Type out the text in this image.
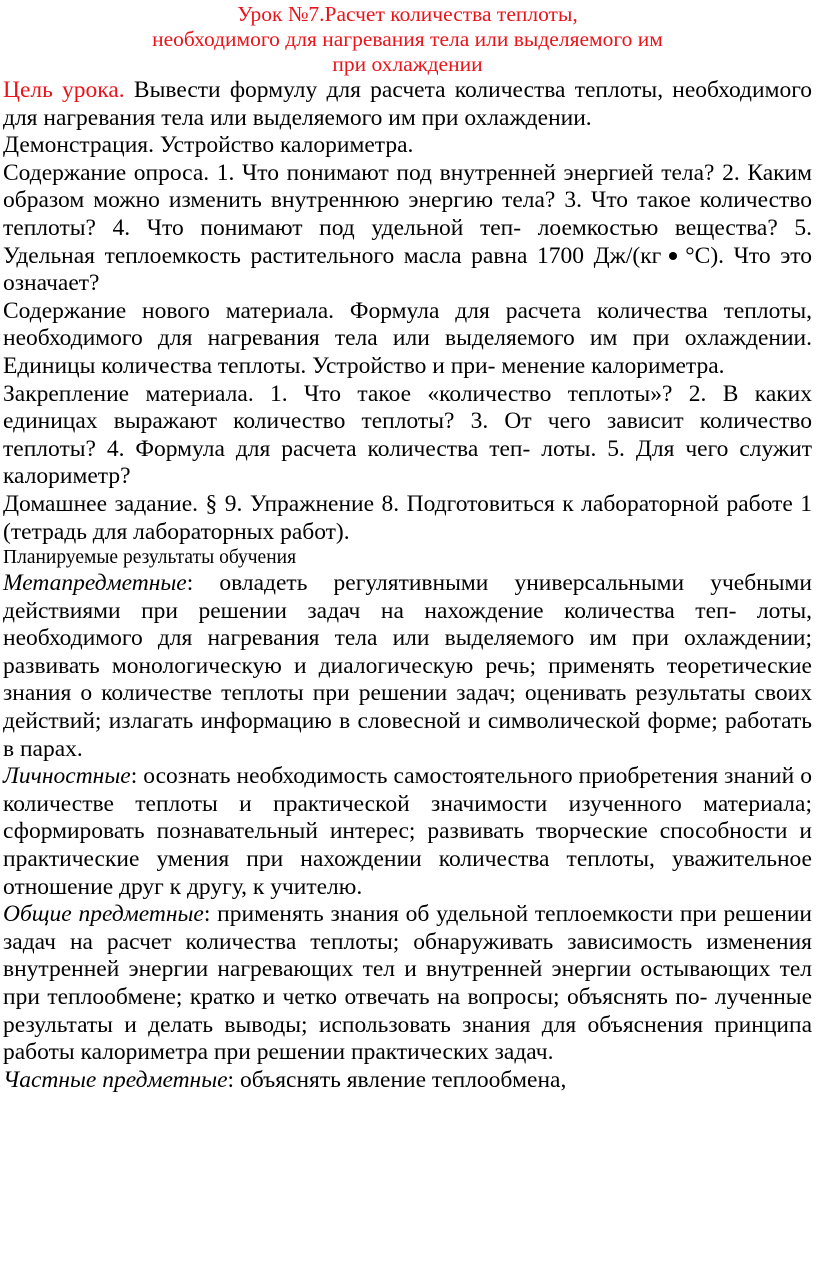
Урок №7.Расчет количества теплоты,
необходимого для нагревания тела или выделяемого им
при охлаждении

Цель урока. Вывести формулу для расчета количества теплоты, необходимого для нагревания тела или выделяемого им при охлаждении.

Демонстрация. Устройство калориметра.

Содержание опроса. 1. Что понимают под внутренней энергией тела? 2. Каким образом можно изменить внутреннюю энергию тела? 3. Что такое количество теплоты? 4. Что понимают под удельной теп- лоемкостью вещества? 5. Удельная теплоемкость растительного масла равна 1700 Дж/(кг °С). Что это означает?

Содержание нового материала. Формула для расчета количества теплоты, необходимого для нагревания тела или выделяемого им при охлаждении. Единицы количества теплоты. Устройство и при- менение калориметра.

Закрепление материала. 1. Что такое «количество теплоты»? 2. В каких единицах выражают количество теплоты? 3. От чего зависит количество теплоты? 4. Формула для расчета количества теп- лоты. 5. Для чего служит калориметр?

Домашнее задание. § 9. Упражнение 8. Подготовиться к лабораторной работе 1 (тетрадь для лабораторных работ).

Планируемые результаты обучения

Метапредметные: овладеть регулятивными универсальными учебными действиями при решении задач на нахождение количества теп- лоты, необходимого для нагревания тела или выделяемого им при охлаждении; развивать монологическую и диалогическую речь; применять теоретические знания о количестве теплоты при решении задач; оценивать результаты своих действий; излагать информацию в словесной и символической форме; работать в парах.

Личностные: осознать необходимость самостоятельного приобретения знаний о количестве теплоты и практической значимости изученного материала; сформировать познавательный интерес; развивать творческие способности и практические умения при нахождении количества теплоты, уважительное отношение друг к другу, к учителю.

Общие предметные: применять знания об удельной теплоемкости при решении задач на расчет количества теплоты; обнаруживать зависимость изменения внутренней энергии нагревающих тел и внутренней энергии остывающих тел при теплообмене; кратко и четко отвечать на вопросы; объяснять по- лученные результаты и делать выводы; использовать знания для объяснения принципа работы калориметра при решении практических задач.

Частные предметные: объяснять явление теплообмена,
